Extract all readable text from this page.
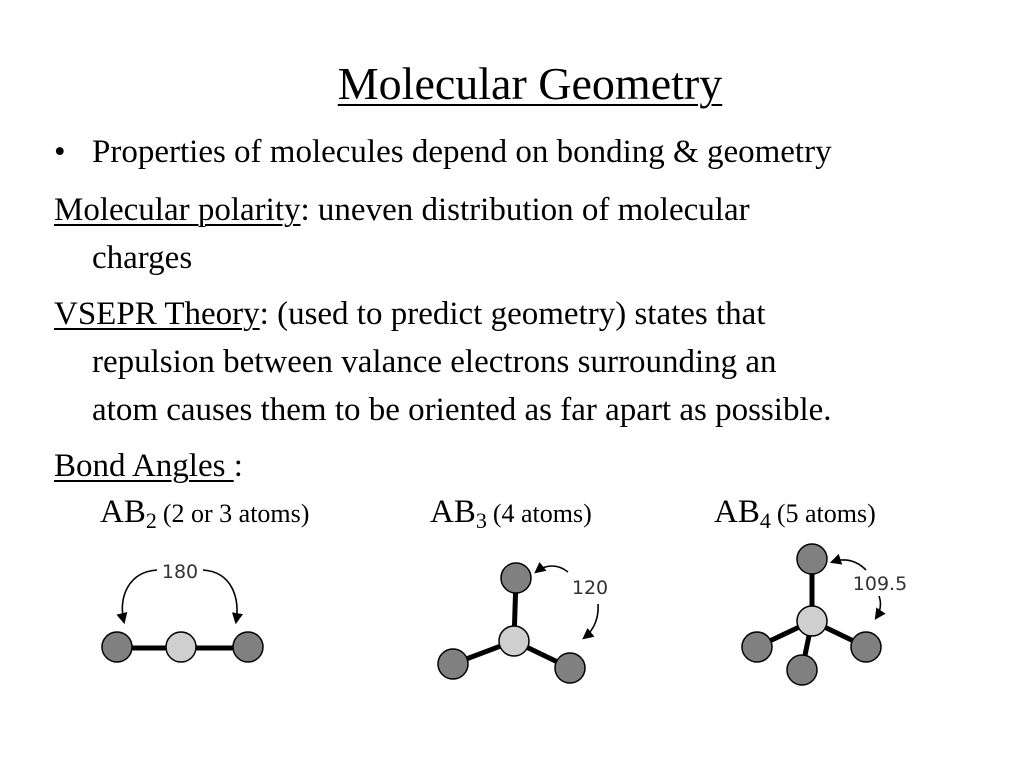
Molecular Geometry
• Properties of molecules depend on bonding & geometry
Molecular polarity: uneven distribution of molecular
charges
VSEPR Theory: (used to predict geometry) states that
repulsion between valance electrons surrounding an
atom causes them to be oriented as far apart as possible.
Bond Angles :
$AB_2$ (2 or 3 atoms)	$AB_3$ (4 atoms)	$AB_4$ (5 atoms)
180
120	109.5
